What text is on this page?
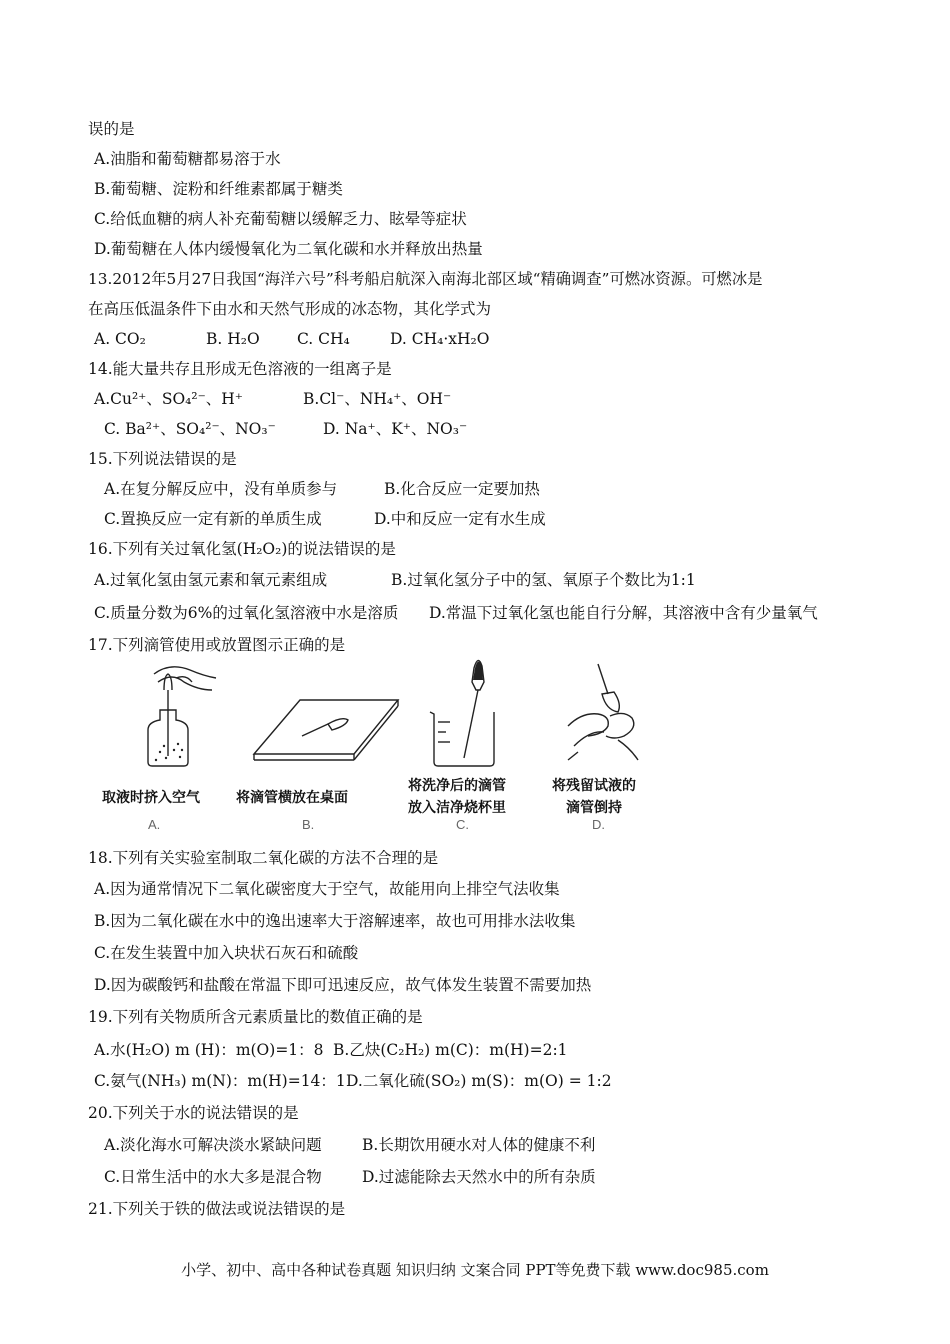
误的是
A.油脂和葡萄糖都易溶于水
B.葡萄糖、淀粉和纤维素都属于糖类
C.给低血糖的病人补充葡萄糖以缓解乏力、眩晕等症状
D.葡萄糖在人体内缓慢氧化为二氧化碳和水并释放出热量
13.2012年5月27日我国“海洋六号”科考船启航深入南海北部区域“精确调查”可燃冰资源。可燃冰是
在高压低温条件下由水和天然气形成的冰态物，其化学式为
A. CO₂	B. H₂O C. CH₄	D. CH₄·xH₂O
14.能大量共存且形成无色溶液的一组离子是
A.Cu²⁺、SO₄²⁻、H⁺	B.Cl⁻、NH₄⁺、OH⁻
C. Ba²⁺、SO₄²⁻、NO₃⁻	D. Na⁺、K⁺、NO₃⁻
15.下列说法错误的是
A.在复分解反应中，没有单质参与	B.化合反应一定要加热
C.置换反应一定有新的单质生成	D.中和反应一定有水生成
16.下列有关过氧化氢(H₂O₂)的说法错误的是
A.过氧化氢由氢元素和氧元素组成	B.过氧化氢分子中的氢、氧原子个数比为1:1
C.质量分数为6%的过氧化氢溶液中水是溶质 D.常温下过氧化氢也能自行分解，其溶液中含有少量氧气
17.下列滴管使用或放置图示正确的是
取液时挤入空气
A.
将滴管横放在桌面
B.
将洗净后的滴管
放入洁净烧杯里
C.
将残留试液的
滴管倒持
D.
18.下列有关实验室制取二氧化碳的方法不合理的是
A.因为通常情况下二氧化碳密度大于空气，故能用向上排空气法收集
B.因为二氧化碳在水中的逸出速率大于溶解速率，故也可用排水法收集
C.在发生装置中加入块状石灰石和硫酸
D.因为碳酸钙和盐酸在常温下即可迅速反应，故气体发生装置不需要加热
19.下列有关物质所含元素质量比的数值正确的是
A.水(H₂O) m (H)：m(O)=1：8 B.乙炔(C₂H₂) m(C)：m(H)=2:1
C.氨气(NH₃) m(N)：m(H)=14：1 D.二氧化硫(SO₂) m(S)：m(O) = 1:2
20.下列关于水的说法错误的是
A.淡化海水可解决淡水紧缺问题	B.长期饮用硬水对人体的健康不利
C.日常生活中的水大多是混合物	D.过滤能除去天然水中的所有杂质
21.下列关于铁的做法或说法错误的是
小学、初中、高中各种试卷真题 知识归纳 文案合同 PPT等免费下载 www.doc985.com
